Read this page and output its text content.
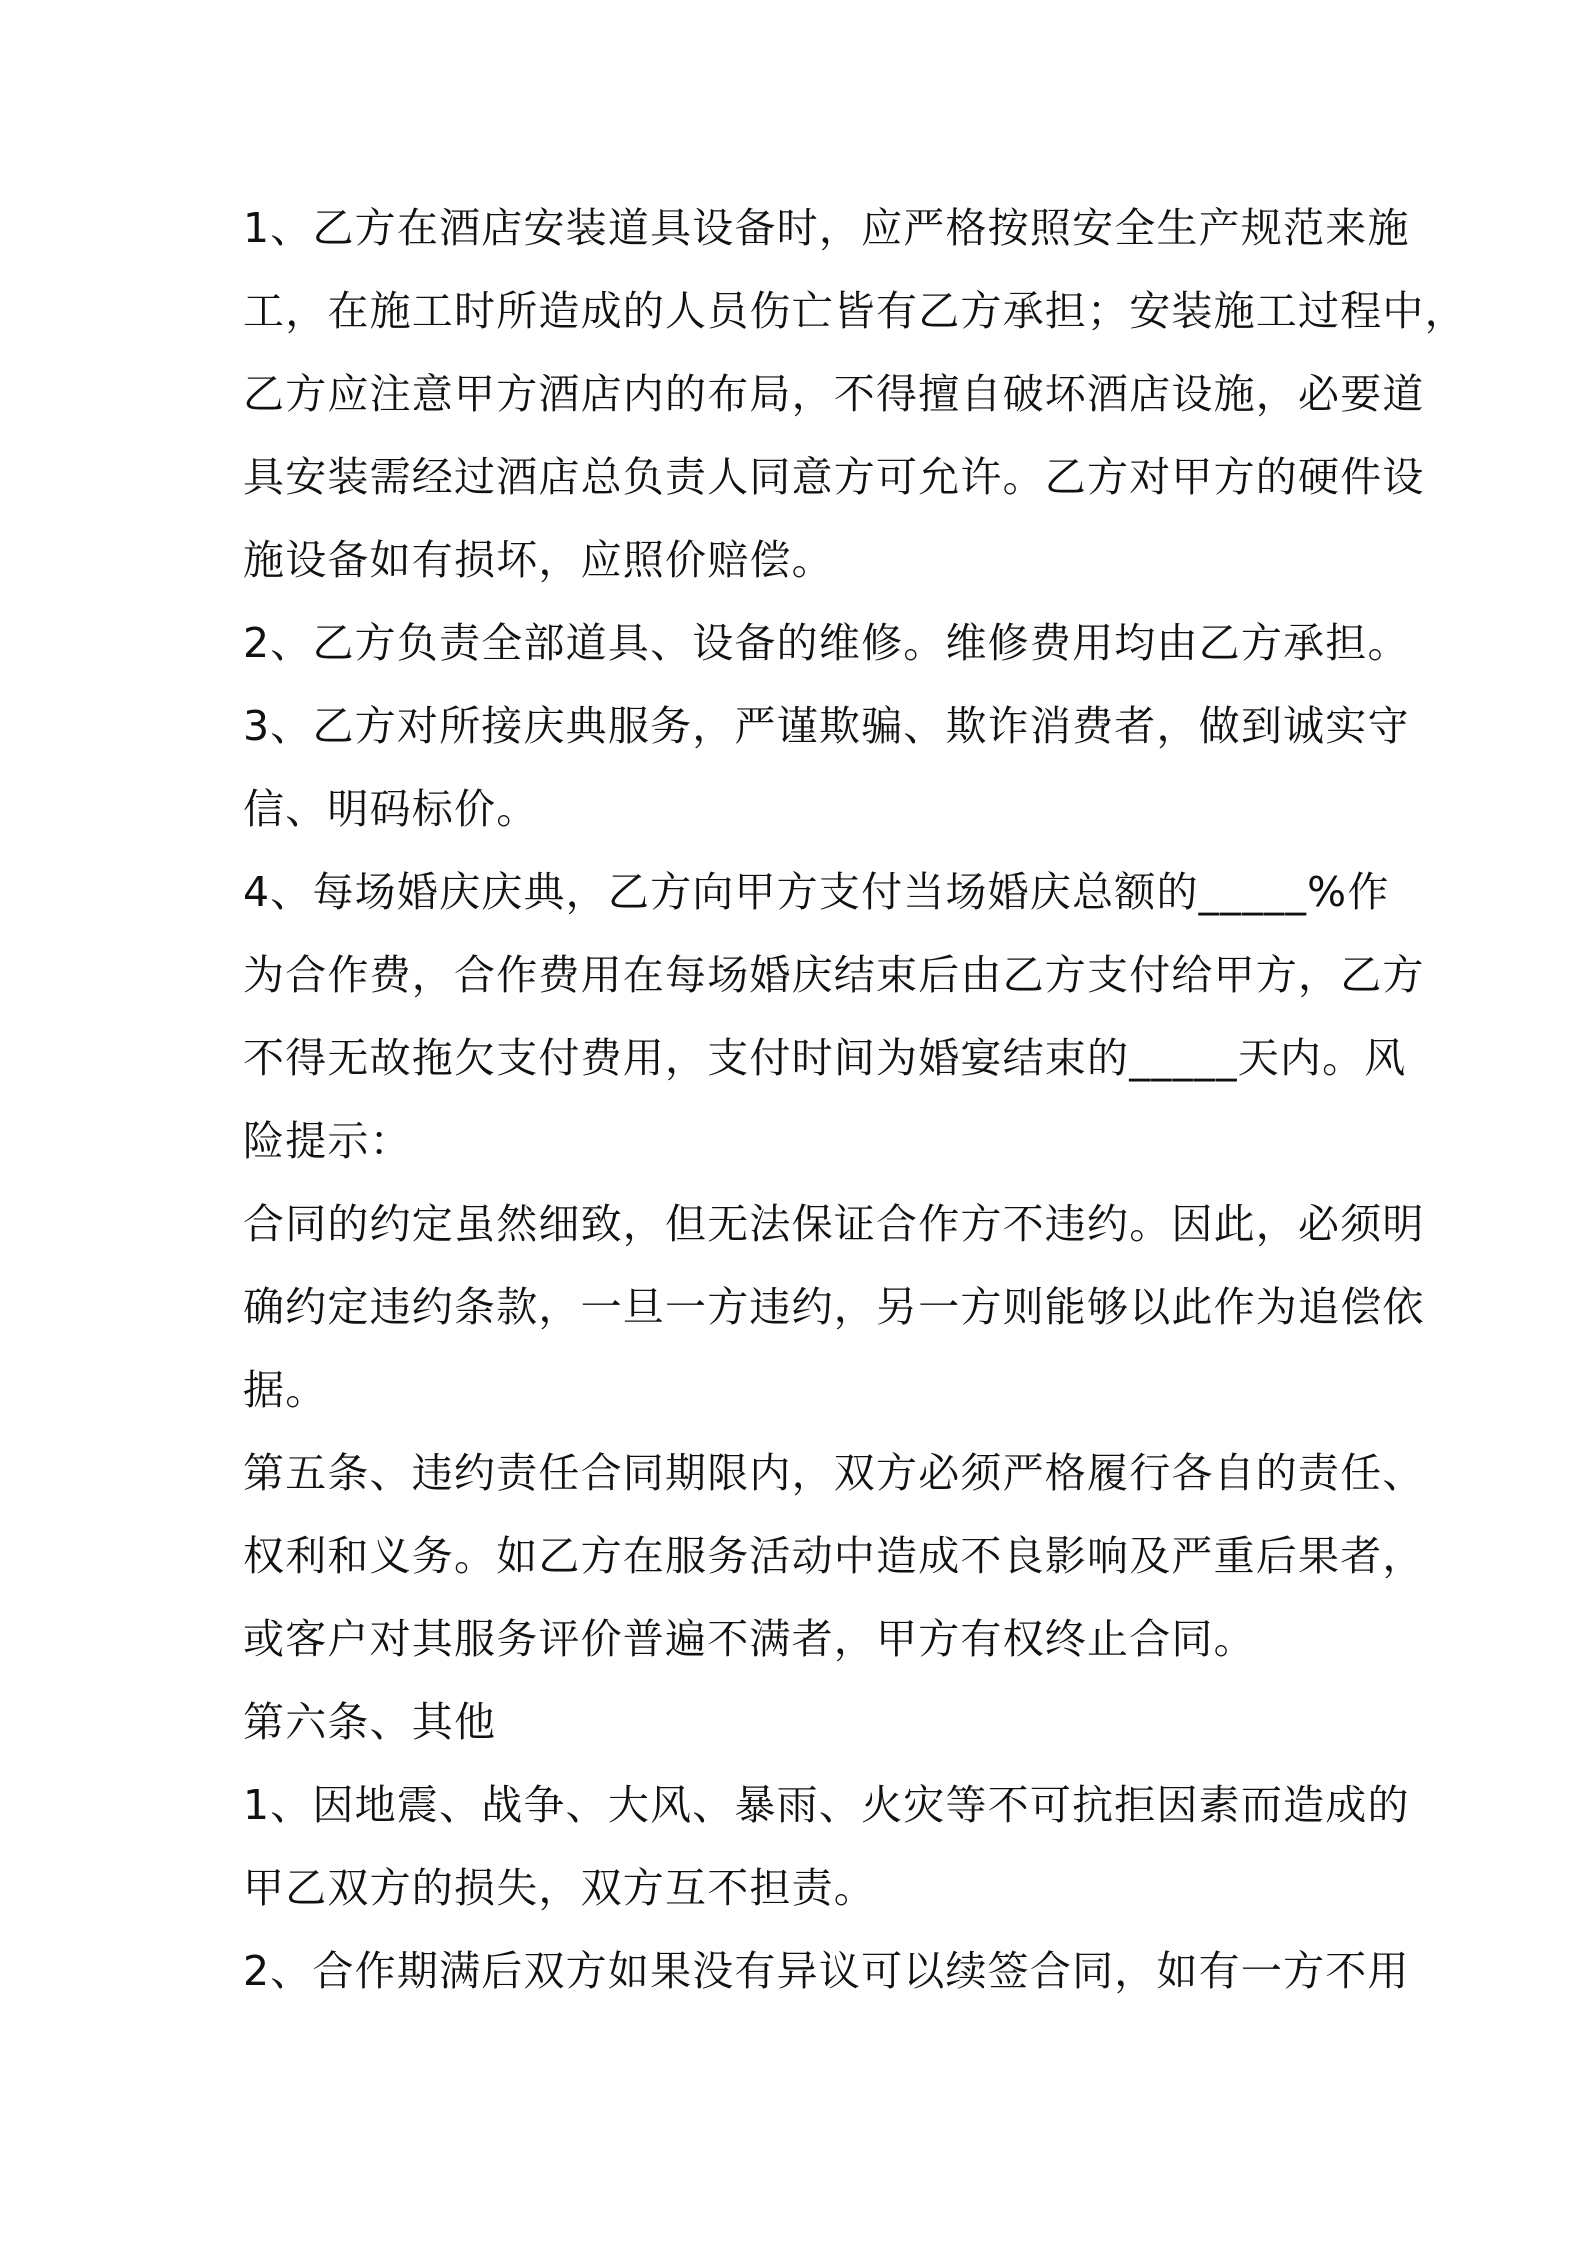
1、乙方在酒店安装道具设备时，应严格按照安全生产规范来施
工，在施工时所造成的人员伤亡皆有乙方承担；安装施工过程中，
乙方应注意甲方酒店内的布局，不得擅自破坏酒店设施，必要道
具安装需经过酒店总负责人同意方可允许。乙方对甲方的硬件设
施设备如有损坏，应照价赔偿。
2、乙方负责全部道具、设备的维修。维修费用均由乙方承担。
3、乙方对所接庆典服务，严谨欺骗、欺诈消费者，做到诚实守
信、明码标价。
4、每场婚庆庆典，乙方向甲方支付当场婚庆总额的_____%作
为合作费，合作费用在每场婚庆结束后由乙方支付给甲方，乙方
不得无故拖欠支付费用，支付时间为婚宴结束的_____天内。风
险提示：
合同的约定虽然细致，但无法保证合作方不违约。因此，必须明
确约定违约条款，一旦一方违约，另一方则能够以此作为追偿依
据。
第五条、违约责任合同期限内，双方必须严格履行各自的责任、
权利和义务。如乙方在服务活动中造成不良影响及严重后果者，
或客户对其服务评价普遍不满者，甲方有权终止合同。
第六条、其他
1、因地震、战争、大风、暴雨、火灾等不可抗拒因素而造成的
甲乙双方的损失，双方互不担责。
2、合作期满后双方如果没有异议可以续签合同，如有一方不用
